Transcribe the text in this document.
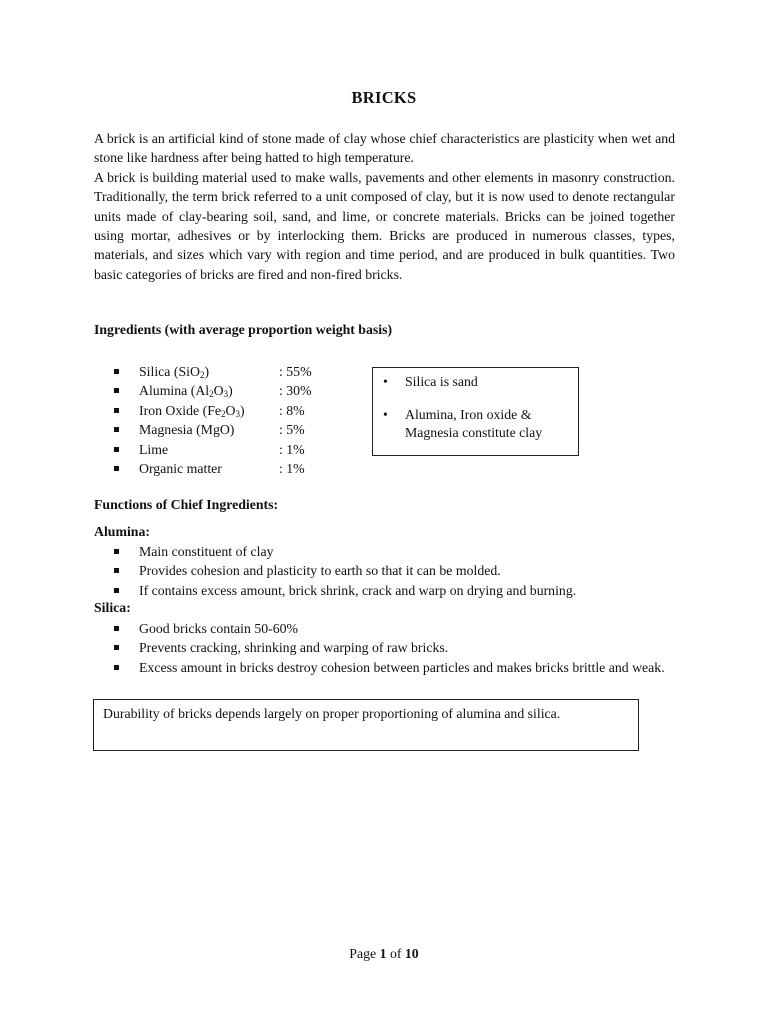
BRICKS

A brick is an artificial kind of stone made of clay whose chief characteristics are plasticity when wet and stone like hardness after being hatted to high temperature.

A brick is building material used to make walls, pavements and other elements in masonry construction. Traditionally, the term brick referred to a unit composed of clay, but it is now used to denote rectangular units made of clay-bearing soil, sand, and lime, or concrete materials. Bricks can be joined together using mortar, adhesives or by interlocking them. Bricks are produced in numerous classes, types, materials, and sizes which vary with region and time period, and are produced in bulk quantities. Two basic categories of bricks are fired and non-fired bricks.

Ingredients (with average proportion weight basis)
Silica (SiO$_2$)	: 55%
Alumina $(Al_2O_3)$	: 30%
Iron Oxide $(Fe_2O_3)$ : 8%
Magnesia (MgO)	: 5%
Lime	: 1%
Organic matter	: 1%
• Silica is sand
• Alumina, Iron oxide & Magnesia constitute clay
Functions of Chief Ingredients:
Alumina:
Main constituent of clay
Provides cohesion and plasticity to earth so that it can be molded.
If contains excess amount, brick shrink, crack and warp on drying and burning.
Silica:
Good bricks contain 50-60%
Prevents cracking, shrinking and warping of raw bricks.
Excess amount in bricks destroy cohesion between particles and makes bricks brittle and weak.
Durability of bricks depends largely on proper proportioning of alumina and silica.
Page 1 of 10
